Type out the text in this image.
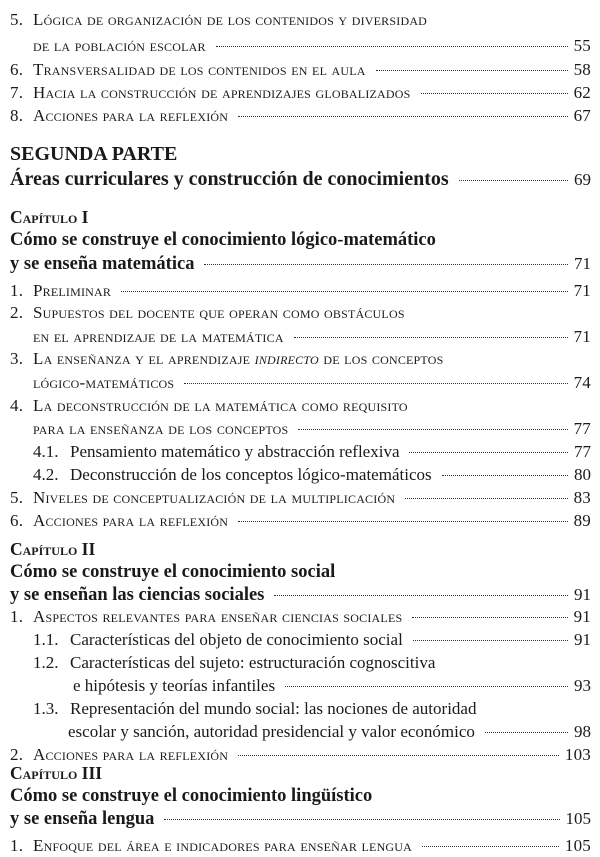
5. Lógica de organización de los contenidos y diversidad
de la población escolar	55
6. Transversalidad de los contenidos en el aula	58
7. Hacia la construcción de aprendizajes globalizados	62
8. Acciones para la reflexión	67
SEGUNDA PARTE
Áreas curriculares y construcción de conocimientos	69
Capítulo I
Cómo se construye el conocimiento lógico-matemático
y se enseña matemática	71
1. Preliminar	71
2. Supuestos del docente que operan como obstáculos
en el aprendizaje de la matemática	71
3. La enseñanza y el aprendizaje indirecto de los conceptos
lógico-matemáticos	74
4. La deconstrucción de la matemática como requisito
para la enseñanza de los conceptos	77
4.1. Pensamiento matemático y abstracción reflexiva	77
4.2. Deconstrucción de los conceptos lógico-matemáticos	80
5. Niveles de conceptualización de la multiplicación	83
6. Acciones para la reflexión	89
Capítulo II
Cómo se construye el conocimiento social
y se enseñan las ciencias sociales	91
1. Aspectos relevantes para enseñar ciencias sociales	91
1.1. Características del objeto de conocimiento social	91
1.2. Características del sujeto: estructuración cognoscitiva
e hipótesis y teorías infantiles	93
1.3. Representación del mundo social: las nociones de autoridad
escolar y sanción, autoridad presidencial y valor económico	98
2. Acciones para la reflexión	103
Capítulo III
Cómo se construye el conocimiento lingüístico
y se enseña lengua	105
1. Enfoque del área e indicadores para enseñar lengua	105
